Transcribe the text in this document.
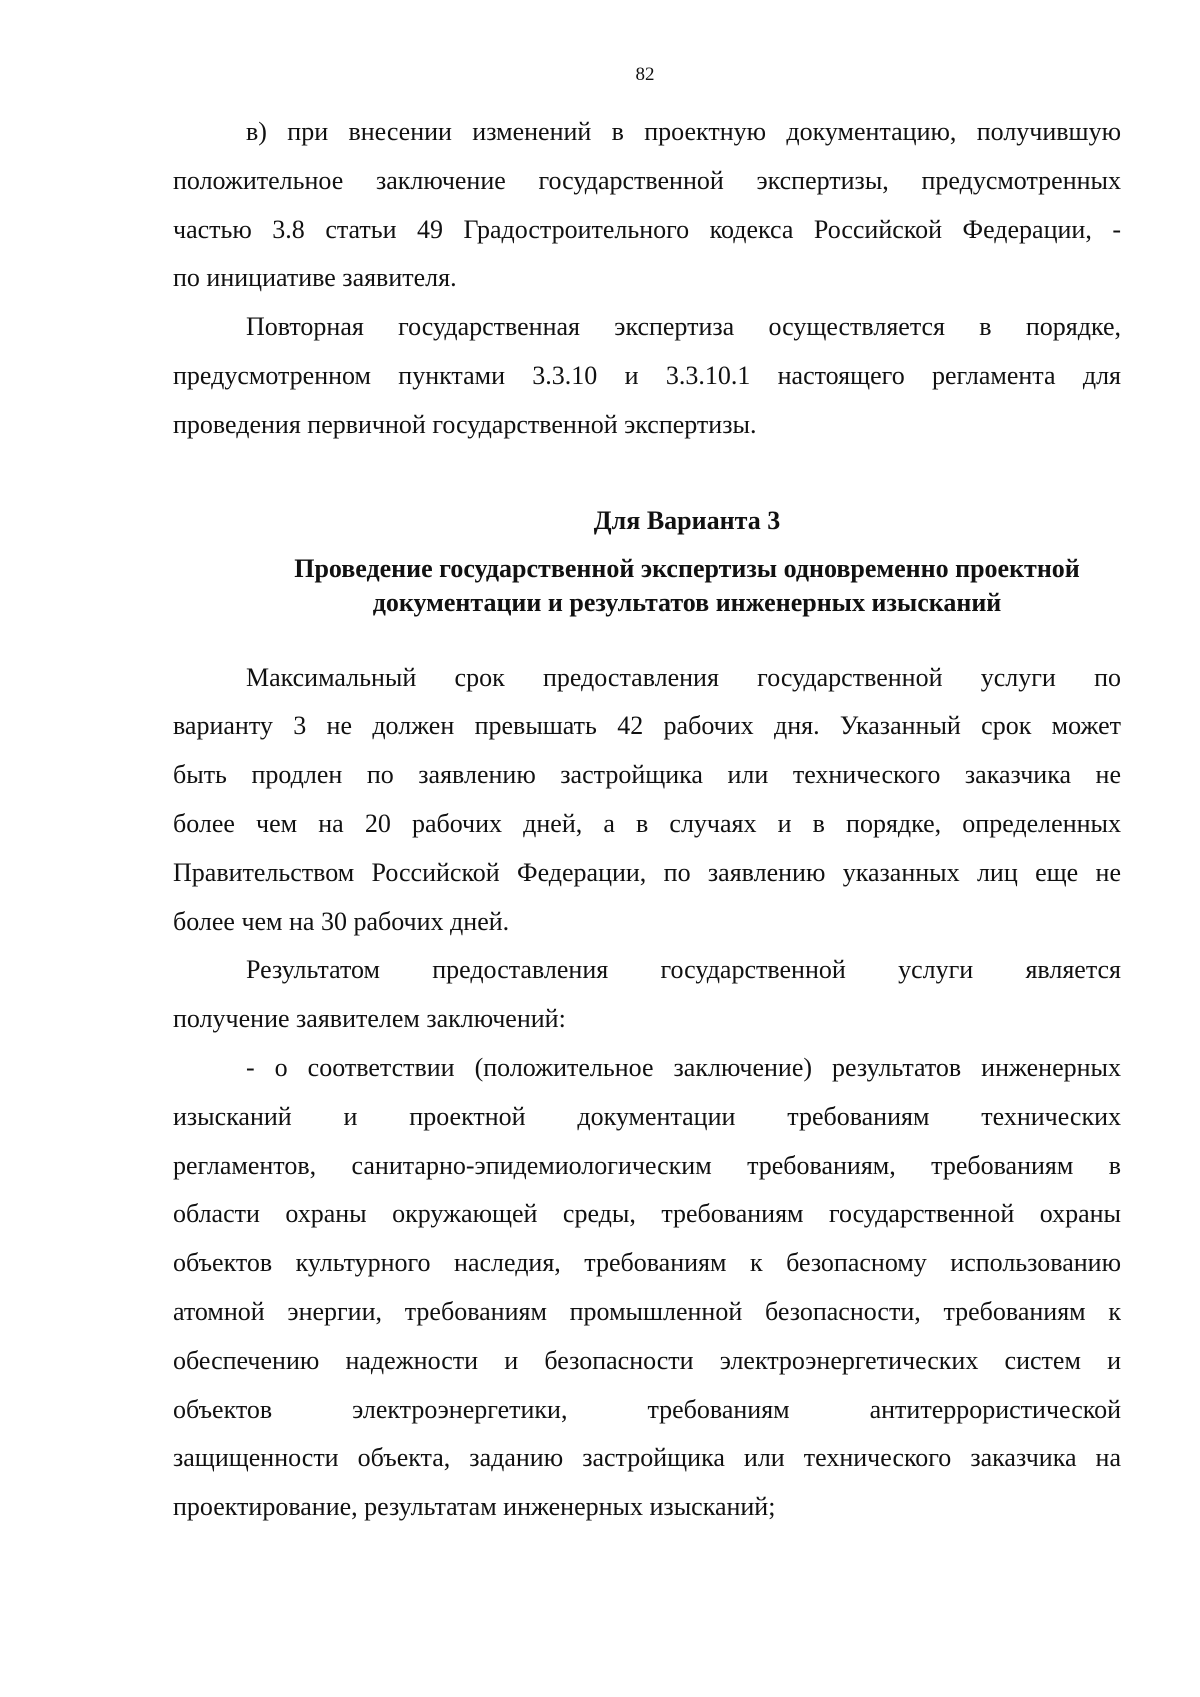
82
в) при внесении изменений в проектную документацию, получившую
положительное заключение государственной экспертизы, предусмотренных
частью 3.8 статьи 49 Градостроительного кодекса Российской Федерации, -
по инициативе заявителя.
Повторная государственная экспертиза осуществляется в порядке,
предусмотренном пунктами 3.3.10 и 3.3.10.1 настоящего регламента для
проведения первичной государственной экспертизы.
Для Варианта 3
Проведение государственной экспертизы одновременно проектной
документации и результатов инженерных изысканий
Максимальный срок предоставления государственной услуги по
варианту 3 не должен превышать 42 рабочих дня. Указанный срок может
быть продлен по заявлению застройщика или технического заказчика не
более чем на 20 рабочих дней, а в случаях и в порядке, определенных
Правительством Российской Федерации, по заявлению указанных лиц еще не
более чем на 30 рабочих дней.
Результатом предоставления государственной услуги является
получение заявителем заключений:
- о соответствии (положительное заключение) результатов инженерных
изысканий и проектной документации требованиям технических
регламентов, санитарно-эпидемиологическим требованиям, требованиям в
области охраны окружающей среды, требованиям государственной охраны
объектов культурного наследия, требованиям к безопасному использованию
атомной энергии, требованиям промышленной безопасности, требованиям к
обеспечению надежности и безопасности электроэнергетических систем и
объектов электроэнергетики, требованиям антитеррористической
защищенности объекта, заданию застройщика или технического заказчика на
проектирование, результатам инженерных изысканий;
